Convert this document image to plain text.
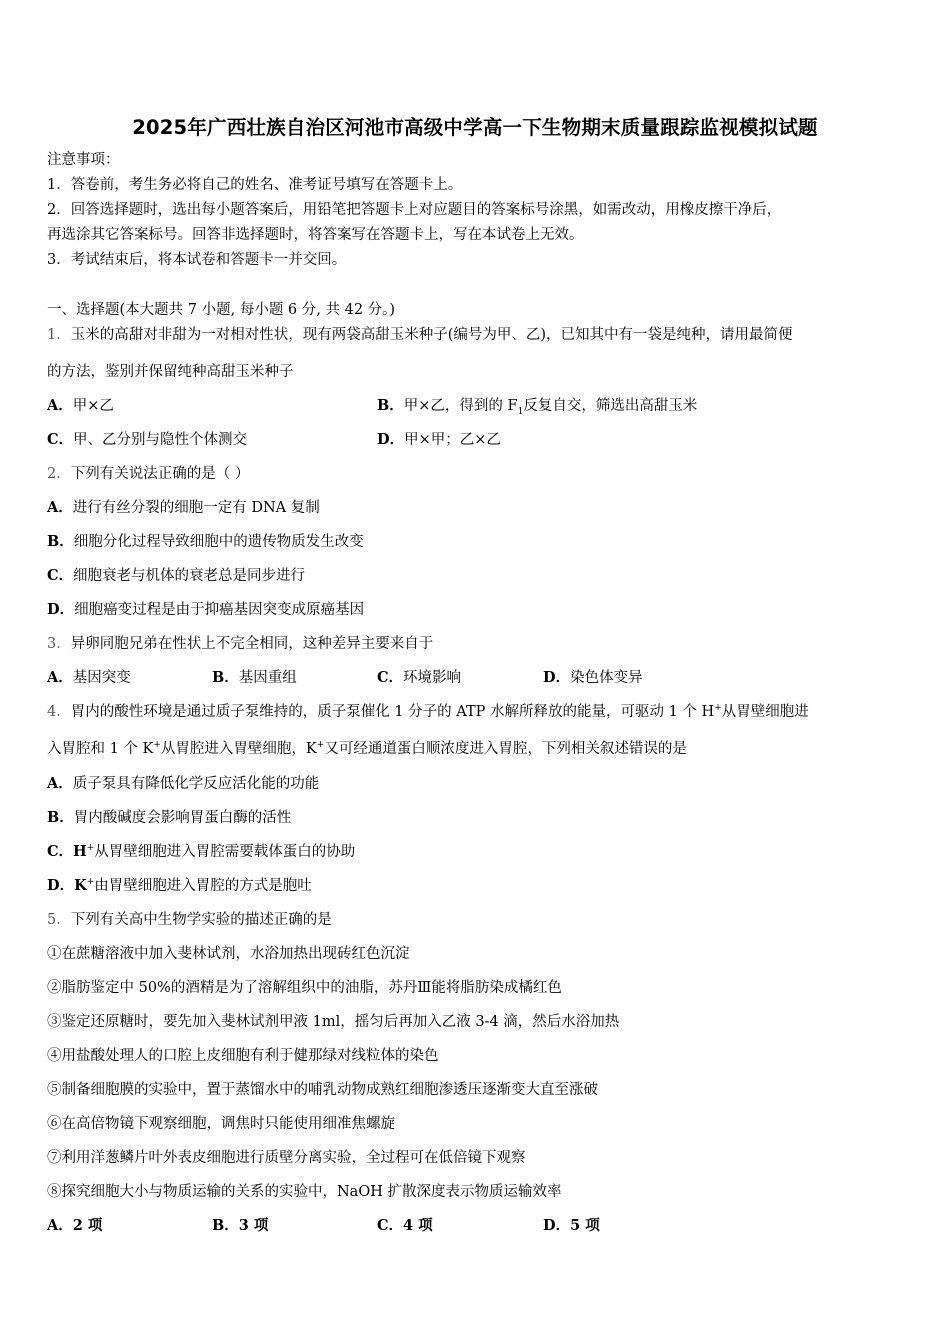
2025年广西壮族自治区河池市高级中学高一下生物期末质量跟踪监视模拟试题
注意事项：
1．答卷前，考生务必将自己的姓名、准考证号填写在答题卡上。
2．回答选择题时，选出每小题答案后，用铅笔把答题卡上对应题目的答案标号涂黑，如需改动，用橡皮擦干净后，
再选涂其它答案标号。回答非选择题时，将答案写在答题卡上，写在本试卷上无效。
3．考试结束后，将本试卷和答题卡一并交回。
一、选择题(本大题共 7 小题, 每小题 6 分, 共 42 分。)
1．玉米的高甜对非甜为一对相对性状，现有两袋高甜玉米种子(编号为甲、乙)，已知其中有一袋是纯种，请用最简便
的方法，鉴别并保留纯种高甜玉米种子
A．甲×乙	B．甲×乙，得到的 $F_1$反复自交，筛选出高甜玉米
C．甲、乙分别与隐性个体测交	D．甲×甲；乙×乙
2．下列有关说法正确的是（ ）
A．进行有丝分裂的细胞一定有 DNA 复制
B．细胞分化过程导致细胞中的遗传物质发生改变
C．细胞衰老与机体的衰老总是同步进行
D．细胞癌变过程是由于抑癌基因突变成原癌基因
3．异卵同胞兄弟在性状上不完全相同，这种差异主要来自于
A．基因突变	B．基因重组	C．环境影响	D．染色体变异
4．胃内的酸性环境是通过质子泵维持的，质子泵催化 1 分子的 ATP 水解所释放的能量，可驱动 1 个 H+从胃壁细胞进
入胃腔和 1 个 K+从胃腔进入胃壁细胞，K+又可经通道蛋白顺浓度进入胃腔，下列相关叙述错误的是
A．质子泵具有降低化学反应活化能的功能
B．胃内酸碱度会影响胃蛋白酶的活性
C．H+从胃壁细胞进入胃腔需要载体蛋白的协助
D．K+由胃壁细胞进入胃腔的方式是胞吐
5．下列有关高中生物学实验的描述正确的是
①在蔗糖溶液中加入斐林试剂，水浴加热出现砖红色沉淀
②脂肪鉴定中 50%的酒精是为了溶解组织中的油脂，苏丹Ⅲ能将脂肪染成橘红色
③鉴定还原糖时，要先加入斐林试剂甲液 1ml，摇匀后再加入乙液 3-4 滴，然后水浴加热
④用盐酸处理人的口腔上皮细胞有利于健那绿对线粒体的染色
⑤制备细胞膜的实验中，置于蒸馏水中的哺乳动物成熟红细胞渗透压逐渐变大直至涨破
⑥在高倍物镜下观察细胞，调焦时只能使用细准焦螺旋
⑦利用洋葱鳞片叶外表皮细胞进行质壁分离实验，全过程可在低倍镜下观察
⑧探究细胞大小与物质运输的关系的实验中，NaOH 扩散深度表示物质运输效率
A．2 项	B．3 项	C．4 项	D．5 项
